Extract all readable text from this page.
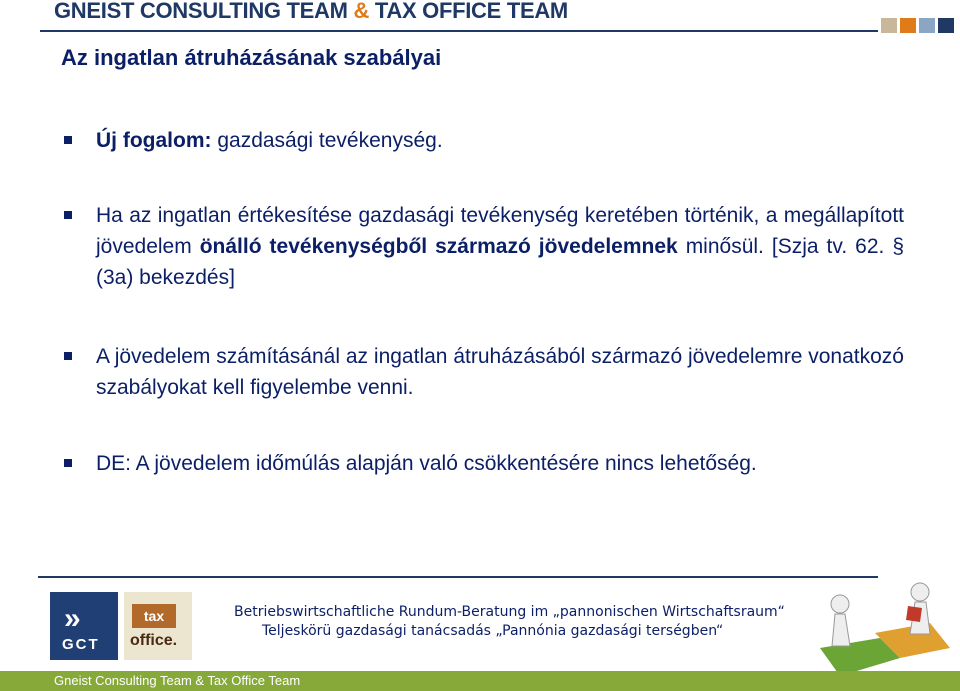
GNEIST CONSULTING TEAM & TAX OFFICE TEAM
Az ingatlan átruházásának szabályai
Új fogalom: gazdasági tevékenység.
Ha az ingatlan értékesítése gazdasági tevékenység keretében történik, a megállapított jövedelem önálló tevékenységből származó jövedelemnek minősül. [Szja tv. 62. § (3a) bekezdés]
A jövedelem számításánál az ingatlan átruházásából származó jövedelemre vonatkozó szabályokat kell figyelembe venni.
DE: A jövedelem időmúlás alapján való csökkentésére nincs lehetőség.
»
GCT
tax
office.
Betriebswirtschaftliche Rundum-Beratung im „pannonischen Wirtschaftsraum“
Teljeskörü gazdasági tanácsadás „Pannónia gazdasági terségben“
Gneist Consulting Team & Tax Office Team
